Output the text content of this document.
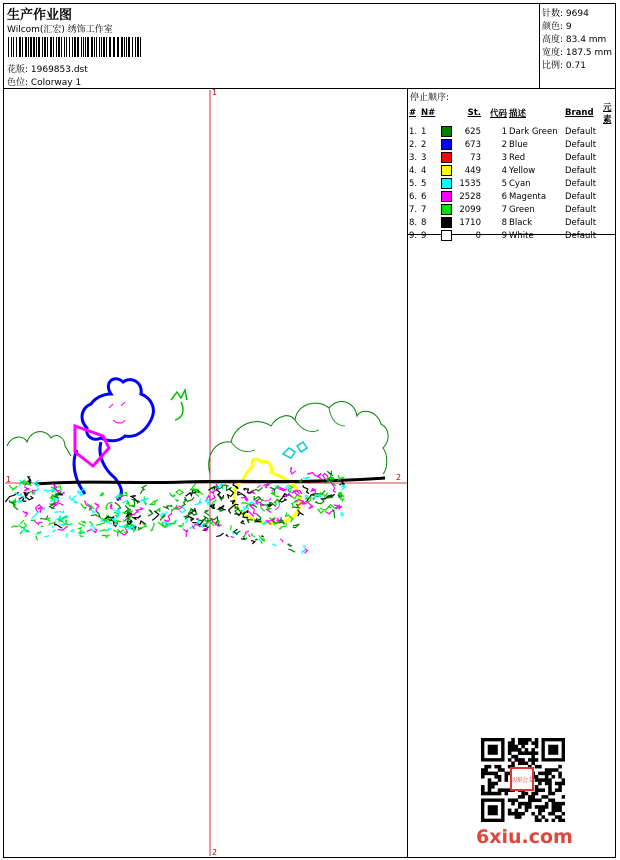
生产作业图
Wilcom(汇宏) 绣饰工作室
花版: 1969853.dst
色位: Colorway 1
针数: 9694
颜色: 9
高度: 83.4 mm
宽度: 187.5 mm
比例: 0.71
停止顺序:
#	N#		St.	代码	描述	Brand	元素
1.	1		625	1	Dark Green	Default	
2.	2		673	2	Blue	Default	
3.	3		73	3	Red	Default	
4.	4		449	4	Yellow	Default	
5.	5		1535	5	Cyan	Default	
6.	6		2528	6	Magenta	Default	
7.	7		2099	7	Green	Default	
8.	8		1710	8	Black	Default	
9.	9		0	9	White	Default	
1
2
1	2
以图会友
6xiu.com
